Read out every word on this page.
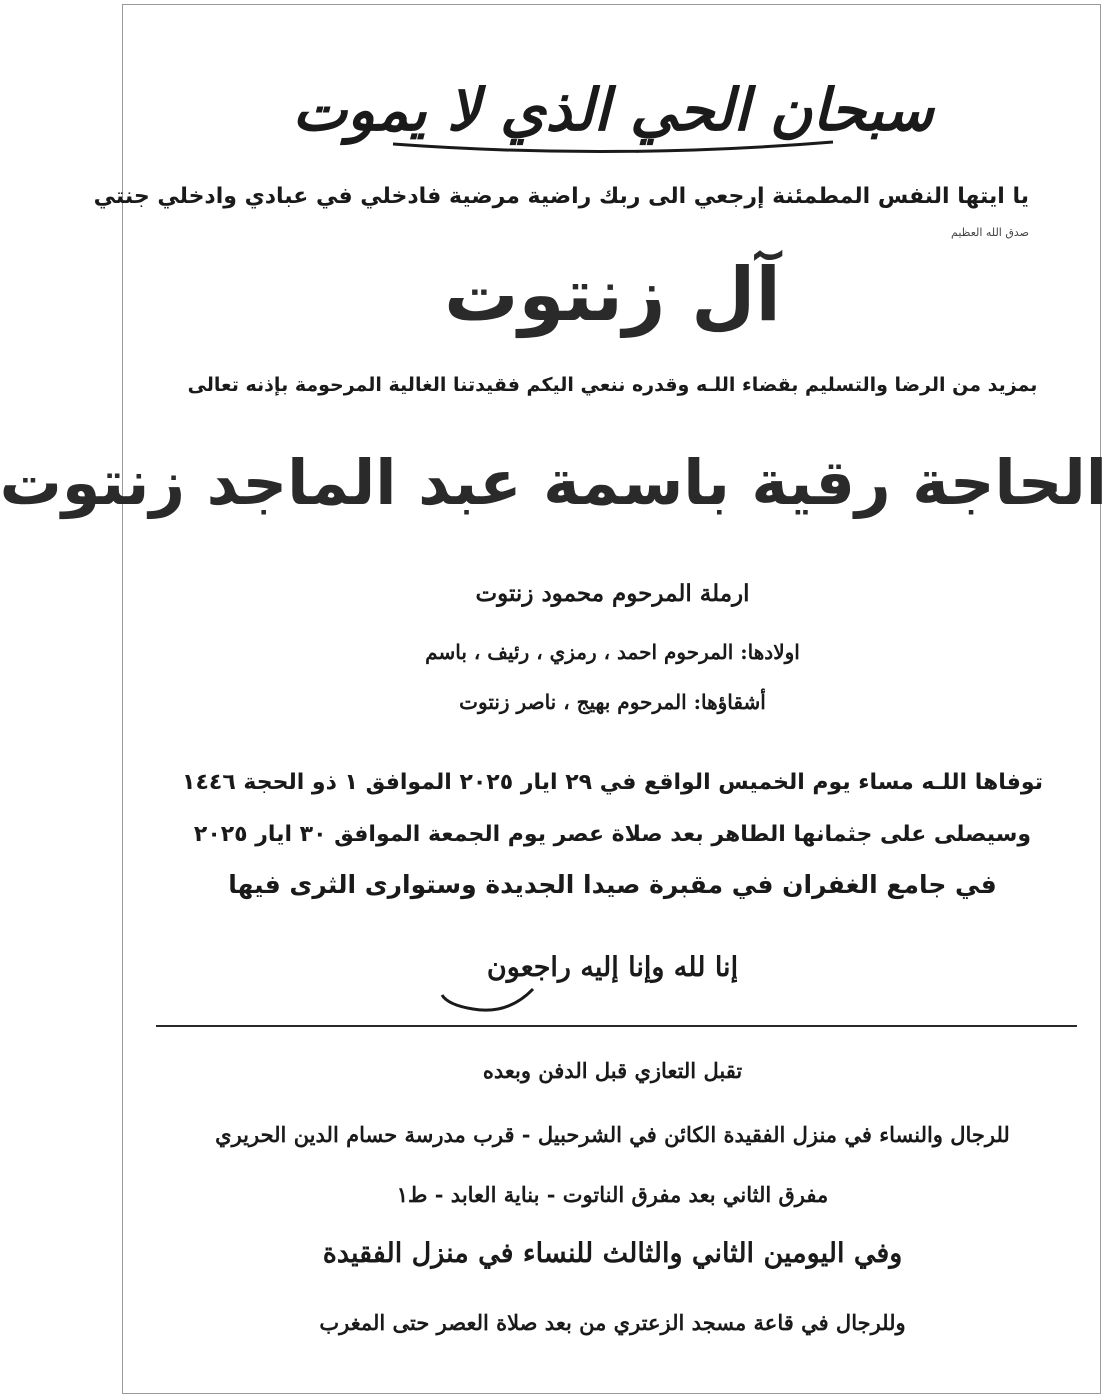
سبحان الحي الذي لا يموت
يا ايتها النفس المطمئنة إرجعي الى ربك راضية مرضية فادخلي في عبادي وادخلي جنتي
صدق الله العظيم
آل زنتوت
بمزيد من الرضا والتسليم بقضاء اللـه وقدره ننعي اليكم فقيدتنا الغالية المرحومة بإذنه تعالى
الحاجة رقية باسمة عبد الماجد زنتوت
ارملة المرحوم محمود زنتوت
اولادها: المرحوم احمد ، رمزي ، رئيف ، باسم
أشقاؤها: المرحوم بهيج ، ناصر زنتوت
توفاها اللـه مساء يوم الخميس الواقع في ٢٩ ايار ٢٠٢٥ الموافق ١ ذو الحجة ١٤٤٦
وسيصلى على جثمانها الطاهر بعد صلاة عصر يوم الجمعة الموافق ٣٠ ايار ٢٠٢٥
في جامع الغفران في مقبرة صيدا الجديدة وستوارى الثرى فيها
إنا لله وإنا إليه راجعون
تقبل التعازي قبل الدفن وبعده
للرجال والنساء في منزل الفقيدة الكائن في الشرحبيل - قرب مدرسة حسام الدين الحريري
مفرق الثاني بعد مفرق الناتوت - بناية العابد - ط١
وفي اليومين الثاني والثالث للنساء في منزل الفقيدة
وللرجال في قاعة مسجد الزعتري من بعد صلاة العصر حتى المغرب
